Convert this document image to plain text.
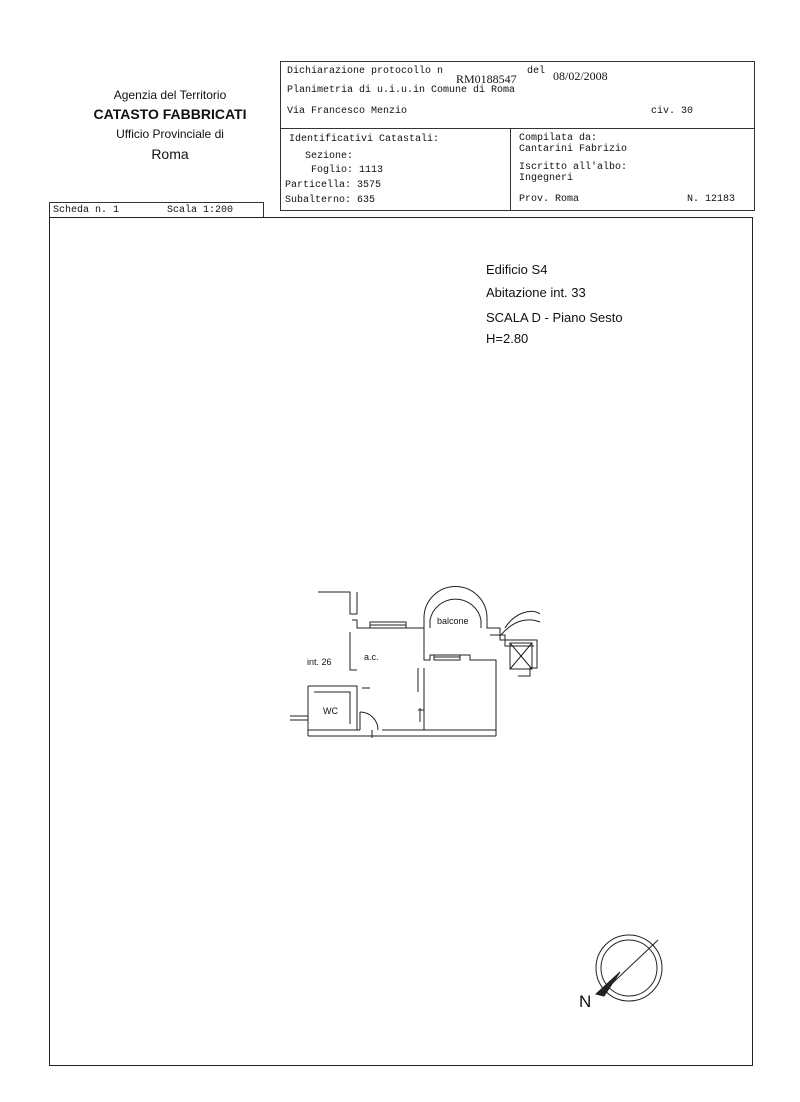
Agenzia del Territorio
CATASTO FABBRICATI
Ufficio Provinciale di
Roma
Dichiarazione protocollo n
RM0188547
del 08/02/2008
Planimetria di u.i.u.in Comune di Roma
Via Francesco Menzio	civ. 30
Identificativi Catastali:
Sezione:
Foglio: 1113
Particella: 3575
Subalterno: 635
Compilata da:
Cantarini Fabrizio
Iscritto all'albo:
Ingegneri
Prov. Roma	N. 12183
Scheda n. 1	Scala 1:200
Edificio S4
Abitazione int. 33
SCALA D - Piano Sesto
H=2.80
balcone
a.c.
int. 26
WC
N
